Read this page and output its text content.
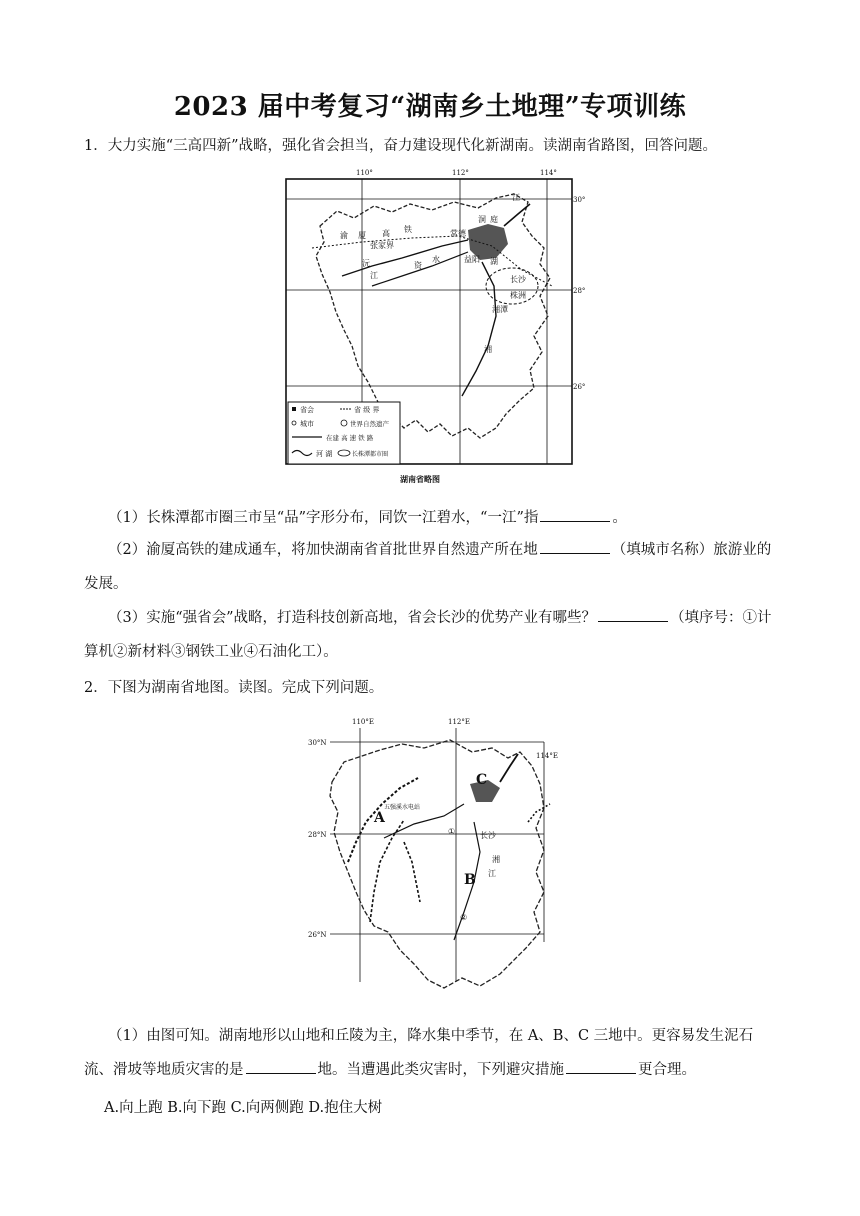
2023 届中考复习“湖南乡土地理”专项训练
1．大力实施“三高四新”战略，强化省会担当，奋力建设现代化新湖南。读湖南省路图，回答问题。
110°	112°	114°
30°
28°
26°
张家界
常德
益阳
长沙
株洲
湘潭
渝 厦 高 铁
沅
江
资
水
湘
江
洞 庭
湖
省会	省 级 界
城市	世界自然遗产
在建 高 速 铁 路
河 湖	长株潭都市圈
湖南省略图
（1）长株潭都市圈三市呈“品”字形分布，同饮一江碧水，“一江”指	。
（2）渝厦高铁的建成通车，将加快湖南省首批世界自然遗产所在地	（填城市名称）旅游业的发展。
（3）实施“强省会”战略，打造科技创新高地，省会长沙的优势产业有哪些？	（填序号：①计算机②新材料③钢铁工业④石油化工）。
2．下图为湖南省地图。读图。完成下列问题。
110°E	112°E
114°E
30°N
28°N
26°N
A
B
C
长沙
五强溪水电站
①
②
江
湘
（1）由图可知。湖南地形以山地和丘陵为主，降水集中季节，在 A、B、C 三地中。更容易发生泥石流、滑坡等地质灾害的是	地。当遭遇此类灾害时，下列避灾措施	更合理。
A.向上跑 B.向下跑 C.向两侧跑 D.抱住大树
